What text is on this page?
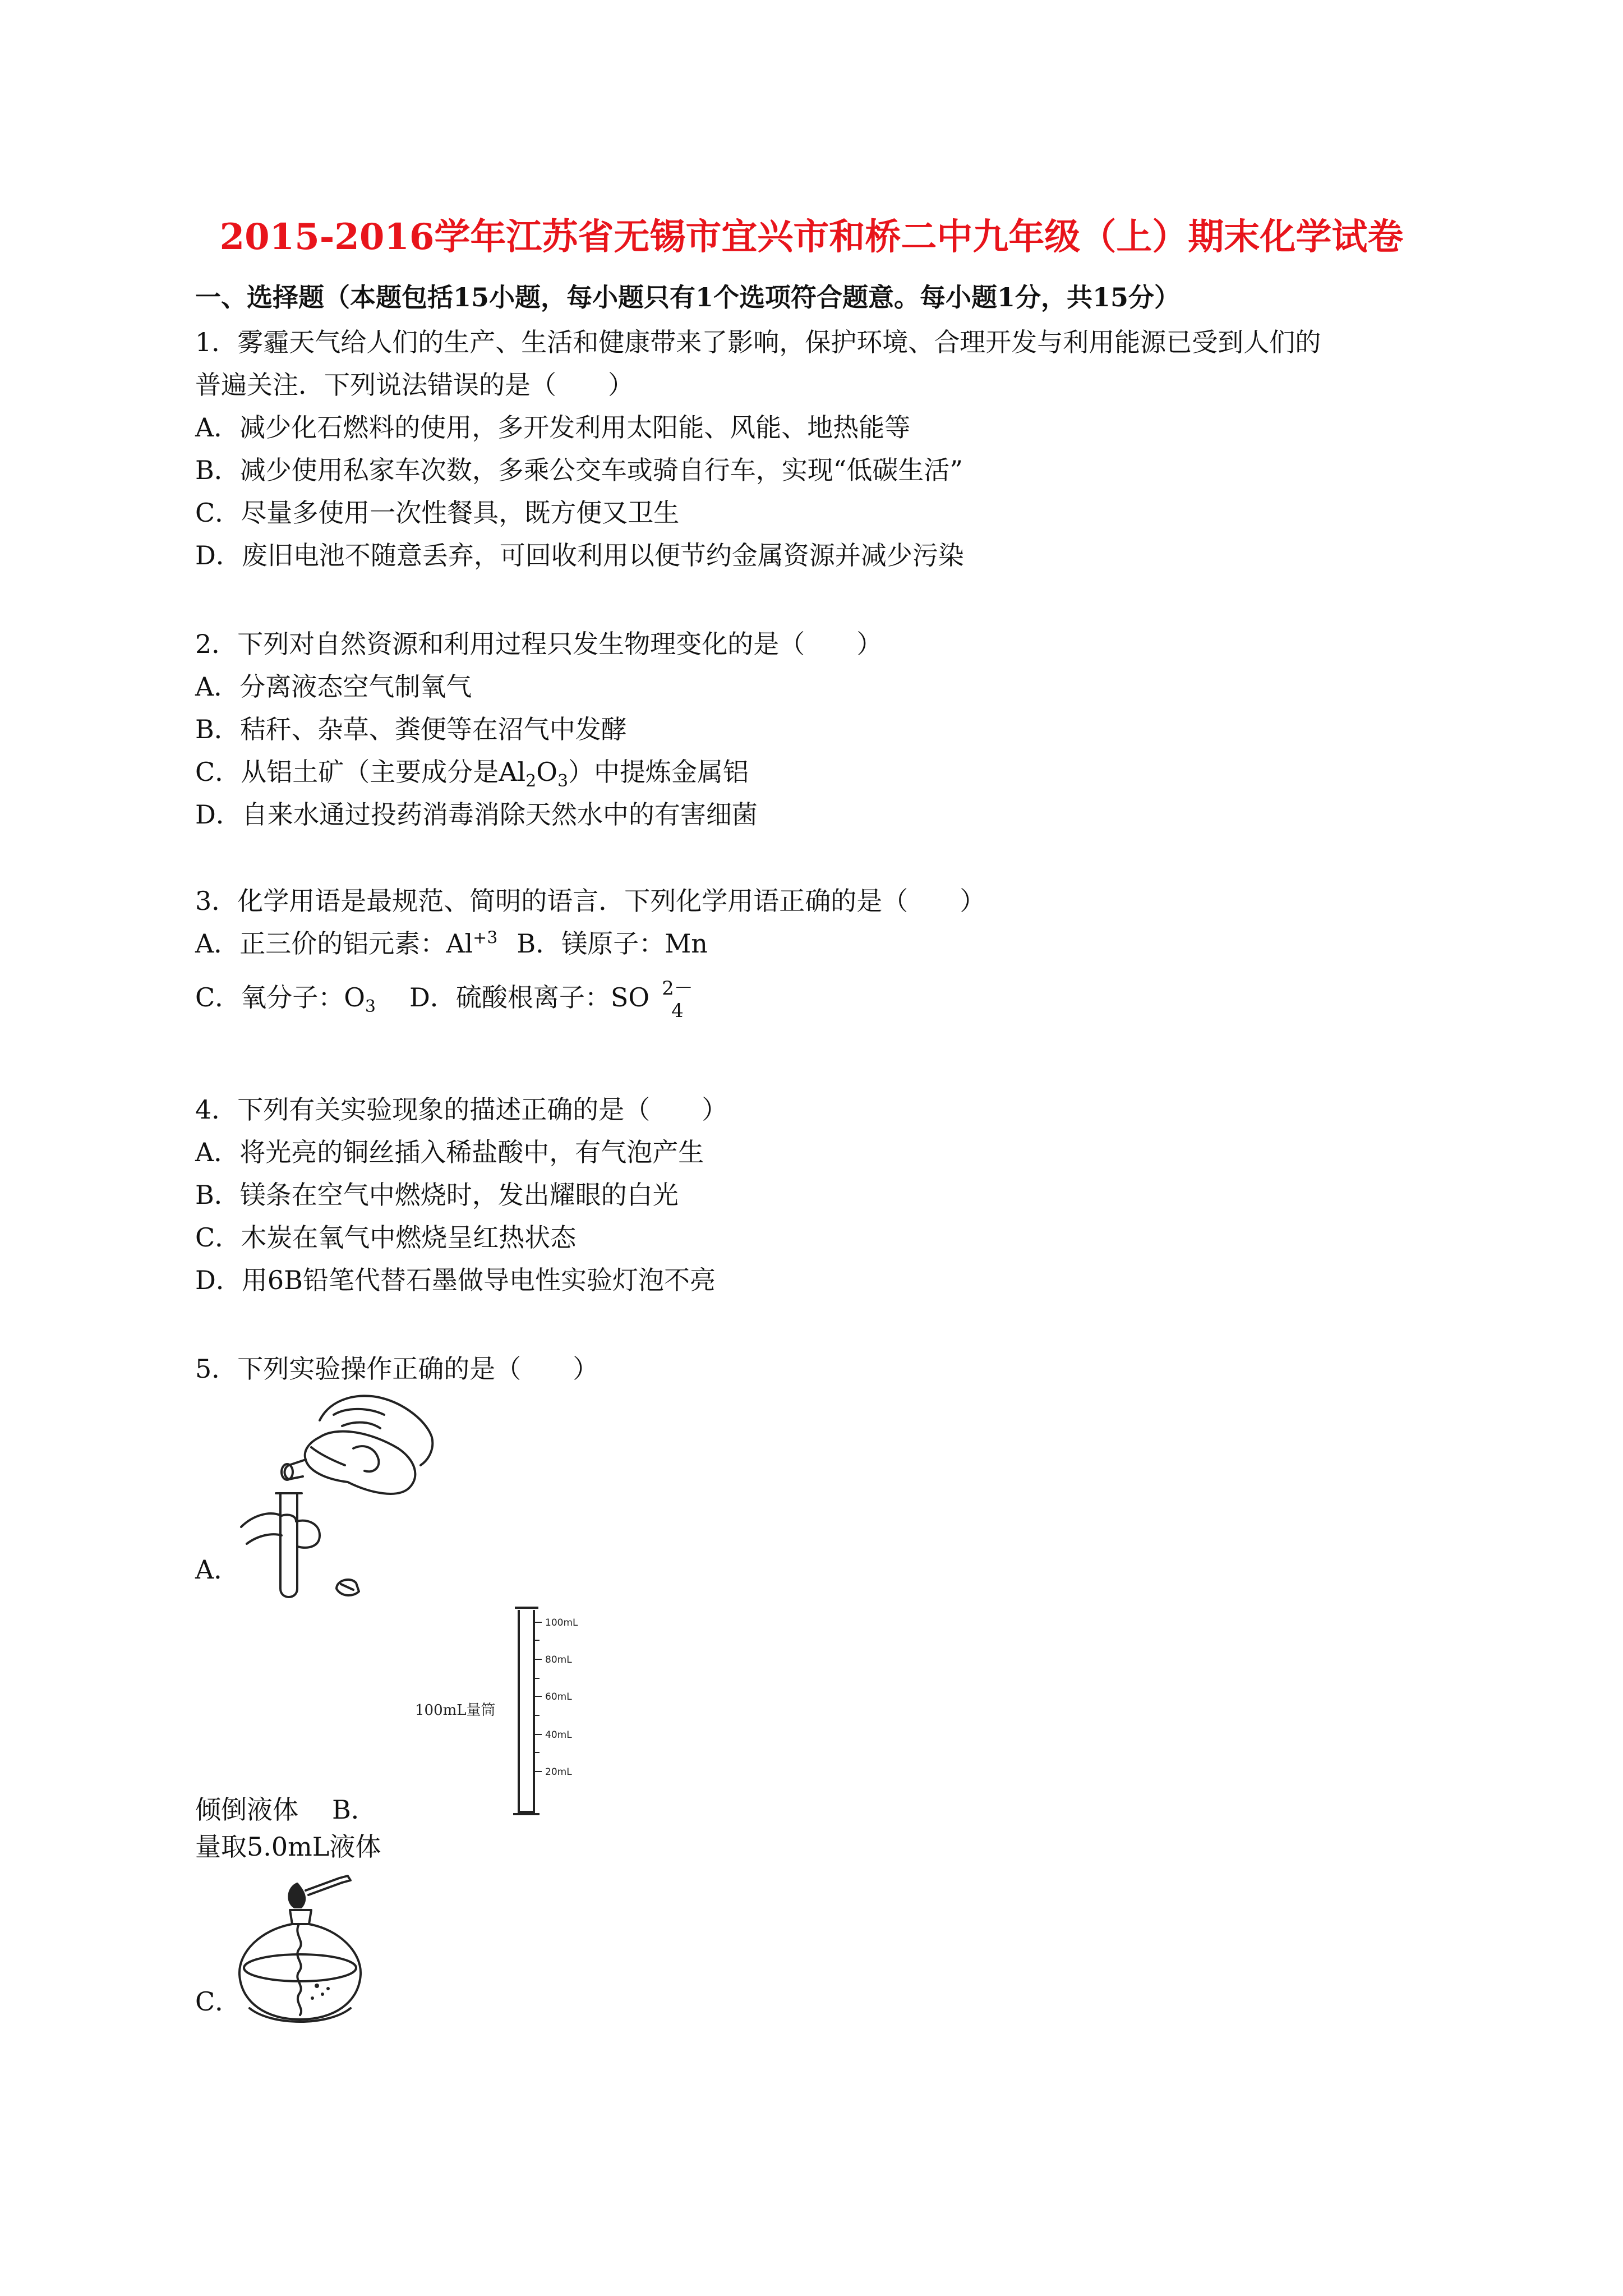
2015-2016学年江苏省无锡市宜兴市和桥二中九年级（上）期末化学试卷
一、选择题（本题包括15小题，每小题只有1个选项符合题意。每小题1分，共15分）
1．雾霾天气给人们的生产、生活和健康带来了影响，保护环境、合理开发与利用能源已受到人们的
普遍关注．下列说法错误的是（　　）
A．减少化石燃料的使用，多开发利用太阳能、风能、地热能等
B．减少使用私家车次数，多乘公交车或骑自行车，实现“低碳生活”
C．尽量多使用一次性餐具，既方便又卫生
D．废旧电池不随意丢弃，可回收利用以便节约金属资源并减少污染
2．下列对自然资源和利用过程只发生物理变化的是（　　）
A．分离液态空气制氧气
B．秸秆、杂草、粪便等在沼气中发酵
C．从铝土矿（主要成分是$Al_2O_3$）中提炼金属铝
D．自来水通过投药消毒消除天然水中的有害细菌
3．化学用语是最规范、简明的语言．下列化学用语正确的是（　　）
A．正三价的铝元素：$Al^{+3}$ B．镁原子：Mn
C．氧分子：$O_3$ D．硫酸根离子：SO 2－
4
4．下列有关实验现象的描述正确的是（　　）
A．将光亮的铜丝插入稀盐酸中，有气泡产生
B．镁条在空气中燃烧时，发出耀眼的白光
C．木炭在氧气中燃烧呈红热状态
D．用6B铅笔代替石墨做导电性实验灯泡不亮
5．下列实验操作正确的是（　　）
A．
100mL
80mL
60mL
40mL
20mL
100mL量筒
倾倒液体 B．
量取5.0mL液体
C．
